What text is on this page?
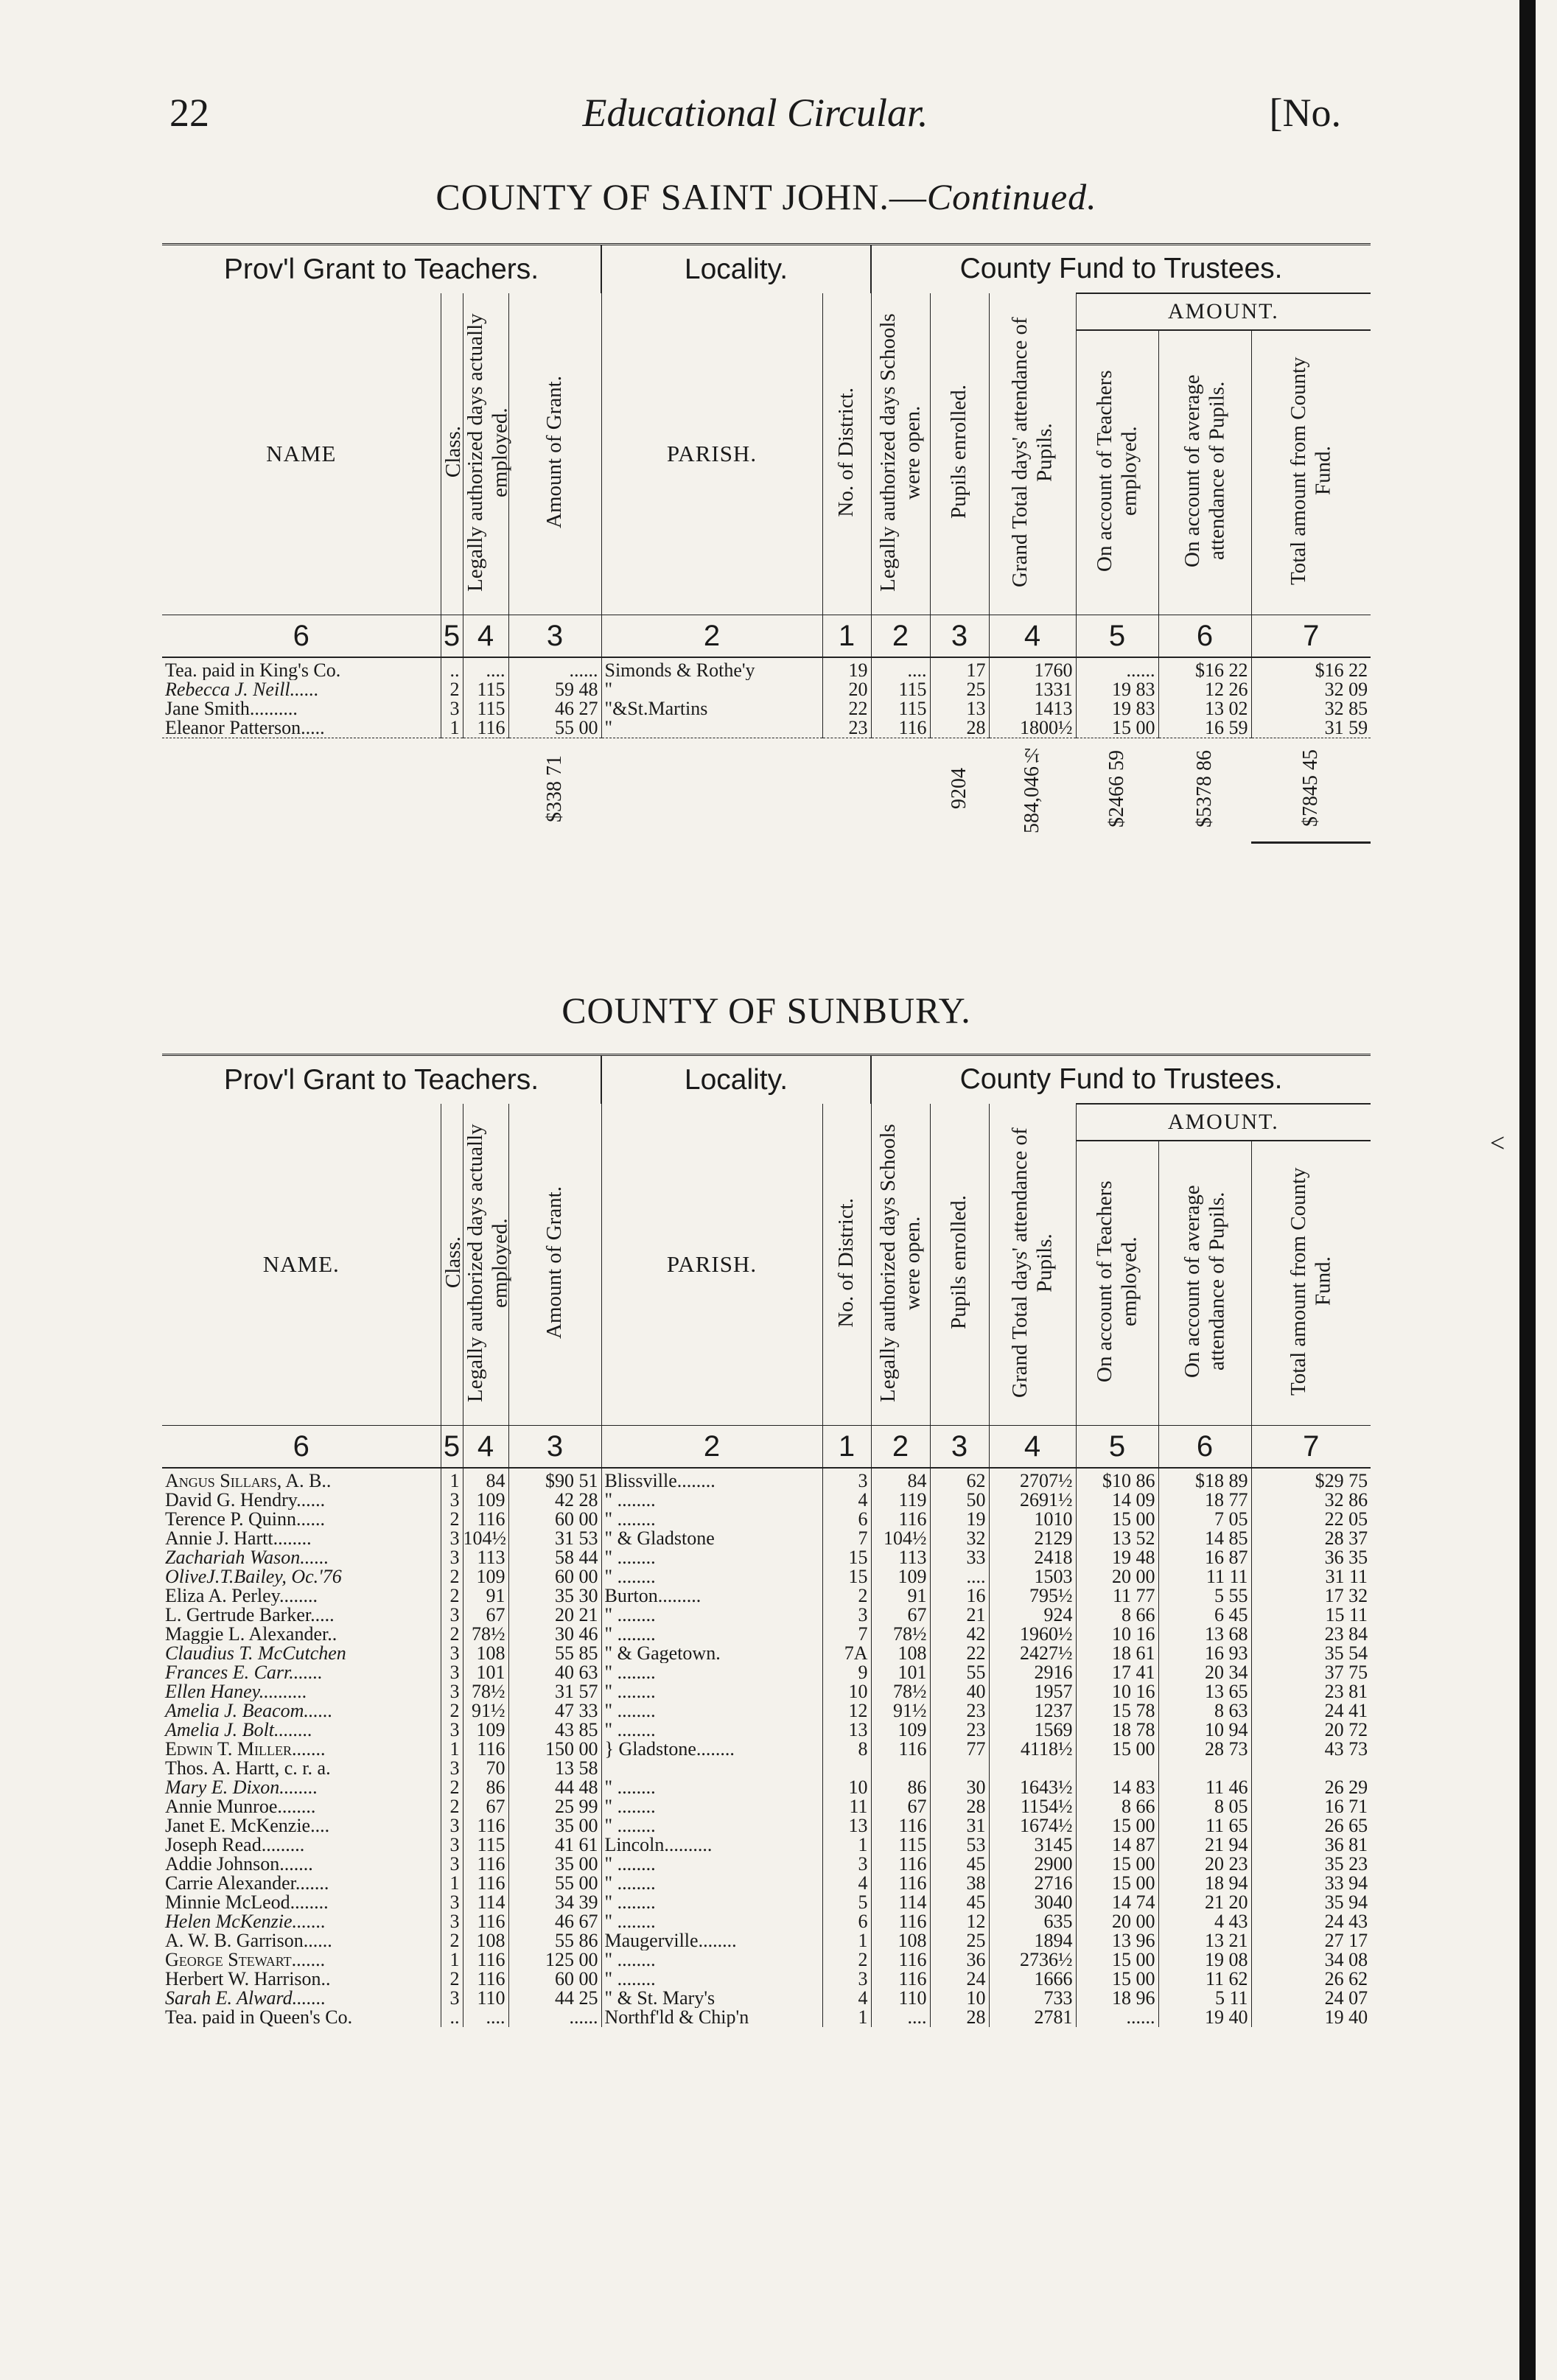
Educational Circular.
22	[No.
COUNTY OF SAINT JOHN.—Continued.
Prov'l Grant to Teachers.				Locality.		County Fund to Trustees.					
NAME	Class.	Legally authorized days actually employed.	Amount of Grant.	PARISH.	No. of District.	Legally authorized days Schools were open.	Pupils enrolled.	Grand Total days' attendance of Pupils.	AMOUNT.		
									On account of Teachers employed.	On account of average attendance of Pupils.	Total amount from County Fund.
6	5	4	3	2	1	2	3	4	5	6	7
Tea. paid in King's Co.	..	....	......	Simonds & Rothe'y	19	....	17	1760	......	$16 22	$16 22
Rebecca J. Neill......	2	115	59 48	"	20	115	25	1331	19 83	12 26	32 09
Jane Smith..........	3	115	46 27	"&St.Martins	22	115	13	1413	19 83	13 02	32 85
Eleanor Patterson.....	1	116	55 00	"	23	116	28	1800½	15 00	16 59	31 59
			$338 71				9204	584,046½	$2466 59	$5378 86	$7845 45
COUNTY OF SUNBURY.
Prov'l Grant to Teachers.				Locality.		County Fund to Trustees.					
NAME.	Class.	Legally authorized days actually employed.	Amount of Grant.	PARISH.	No. of District.	Legally authorized days Schools were open.	Pupils enrolled.	Grand Total days' attendance of Pupils.	AMOUNT.		
									On account of Teachers employed.	On account of average attendance of Pupils.	Total amount from County Fund.
6	5	4	3	2	1	2	3	4	5	6	7
Angus Sillars, A. B..	1	84	$90 51	Blissville........	3	84	62	2707½	$10 86	$18 89	$29 75
David G. Hendry......	3	109	42 28	" ........	4	119	50	2691½	14 09	18 77	32 86
Terence P. Quinn......	2	116	60 00	" ........	6	116	19	1010	15 00	7 05	22 05
Annie J. Hartt........	3	104½	31 53	" & Gladstone	7	104½	32	2129	13 52	14 85	28 37
Zachariah Wason......	3	113	58 44	" ........	15	113	33	2418	19 48	16 87	36 35
OliveJ.T.Bailey, Oc.'76	2	109	60 00	" ........	15	109	....	1503	20 00	11 11	31 11
Eliza A. Perley........	2	91	35 30	Burton.........	2	91	16	795½	11 77	5 55	17 32
L. Gertrude Barker.....	3	67	20 21	" ........	3	67	21	924	8 66	6 45	15 11
Maggie L. Alexander..	2	78½	30 46	" ........	7	78½	42	1960½	10 16	13 68	23 84
Claudius T. McCutchen	3	108	55 85	" & Gagetown.	7A	108	22	2427½	18 61	16 93	35 54
Frances E. Carr.......	3	101	40 63	" ........	9	101	55	2916	17 41	20 34	37 75
Ellen Haney..........	3	78½	31 57	" ........	10	78½	40	1957	10 16	13 65	23 81
Amelia J. Beacom......	2	91½	47 33	" ........	12	91½	23	1237	15 78	8 63	24 41
Amelia J. Bolt........	3	109	43 85	" ........	13	109	23	1569	18 78	10 94	20 72
Edwin T. Miller.......	1	116	150 00	} Gladstone........	8	116	77	4118½	15 00	28 73	43 73
Thos. A. Hartt, c. r. a.	3	70	13 58								
Mary E. Dixon........	2	86	44 48	" ........	10	86	30	1643½	14 83	11 46	26 29
Annie Munroe........	2	67	25 99	" ........	11	67	28	1154½	8 66	8 05	16 71
Janet E. McKenzie....	3	116	35 00	" ........	13	116	31	1674½	15 00	11 65	26 65
Joseph Read.........	3	115	41 61	Lincoln..........	1	115	53	3145	14 87	21 94	36 81
Addie Johnson.......	3	116	35 00	" ........	3	116	45	2900	15 00	20 23	35 23
Carrie Alexander.......	1	116	55 00	" ........	4	116	38	2716	15 00	18 94	33 94
Minnie McLeod........	3	114	34 39	" ........	5	114	45	3040	14 74	21 20	35 94
Helen McKenzie.......	3	116	46 67	" ........	6	116	12	635	20 00	4 43	24 43
A. W. B. Garrison......	2	108	55 86	Maugerville........	1	108	25	1894	13 96	13 21	27 17
George Stewart.......	1	116	125 00	" ........	2	116	36	2736½	15 00	19 08	34 08
Herbert W. Harrison..	2	116	60 00	" ........	3	116	24	1666	15 00	11 62	26 62
Sarah E. Alward.......	3	110	44 25	" & St. Mary's	4	110	10	733	18 96	5 11	24 07
Tea. paid in Queen's Co.	..	....	......	Northf'ld & Chip'n	1	....	28	2781	......	19 40	19 40
<
